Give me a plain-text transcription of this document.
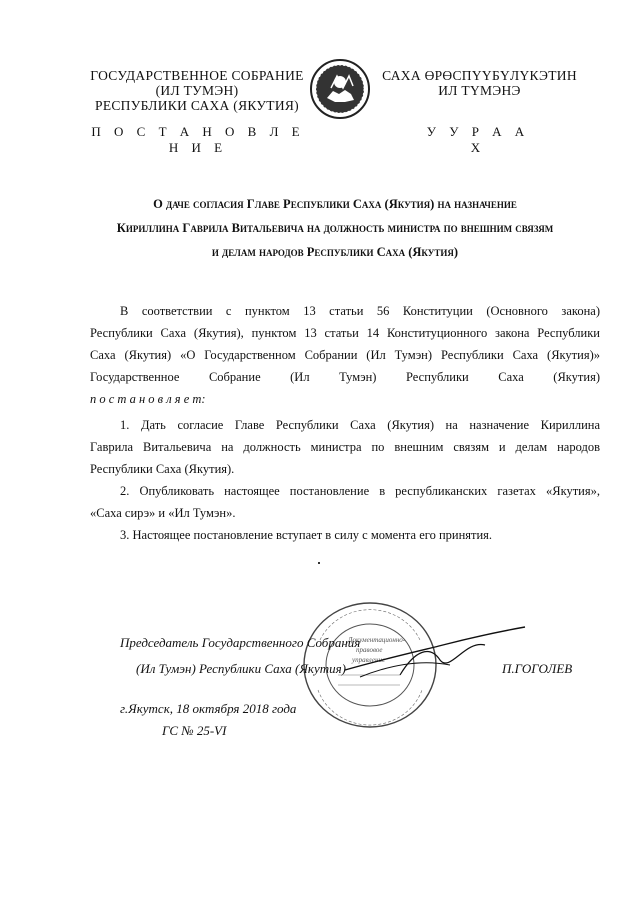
ГОСУДАРСТВЕННОЕ СОБРАНИЕ
(ИЛ ТУМЭН)
РЕСПУБЛИКИ САХА (ЯКУТИЯ)
П О С Т А Н О В Л Е Н И Е
САХА ӨРӨСПҮҮБҮЛҮКЭТИН
ИЛ ТҮМЭНЭ
У У Р А А Х
О даче согласия Главе Республики Саха (Якутия) на назначение
Кириллина Гаврила Витальевича на должность министра по внешним связям
и делам народов Республики Саха (Якутия)
В соответствии с пунктом 13 статьи 56 Конституции (Основного закона)
Республики Саха (Якутия), пунктом 13 статьи 14 Конституционного закона Республики
Саха (Якутия) «О Государственном Собрании (Ил Тумэн) Республики Саха (Якутия)»
Государственное Собрание (Ил Тумэн) Республики Саха (Якутия)
п о с т а н о в л я е т:
1. Дать согласие Главе Республики Саха (Якутия) на назначение Кириллина
Гаврила Витальевича на должность министра по внешним связям и делам народов
Республики Саха (Якутия).
2. Опубликовать настоящее постановление в республиканских газетах «Якутия»,
«Саха сирэ» и «Ил Тумэн».
3. Настоящее постановление вступает в силу с момента его принятия.
Документационно-
правовое
управление
Председатель Государственного Собрания
(Ил Тумэн) Республики Саха (Якутия)	П.ГОГОЛЕВ
г.Якутск, 18 октября 2018 года
ГС № 25-VI
